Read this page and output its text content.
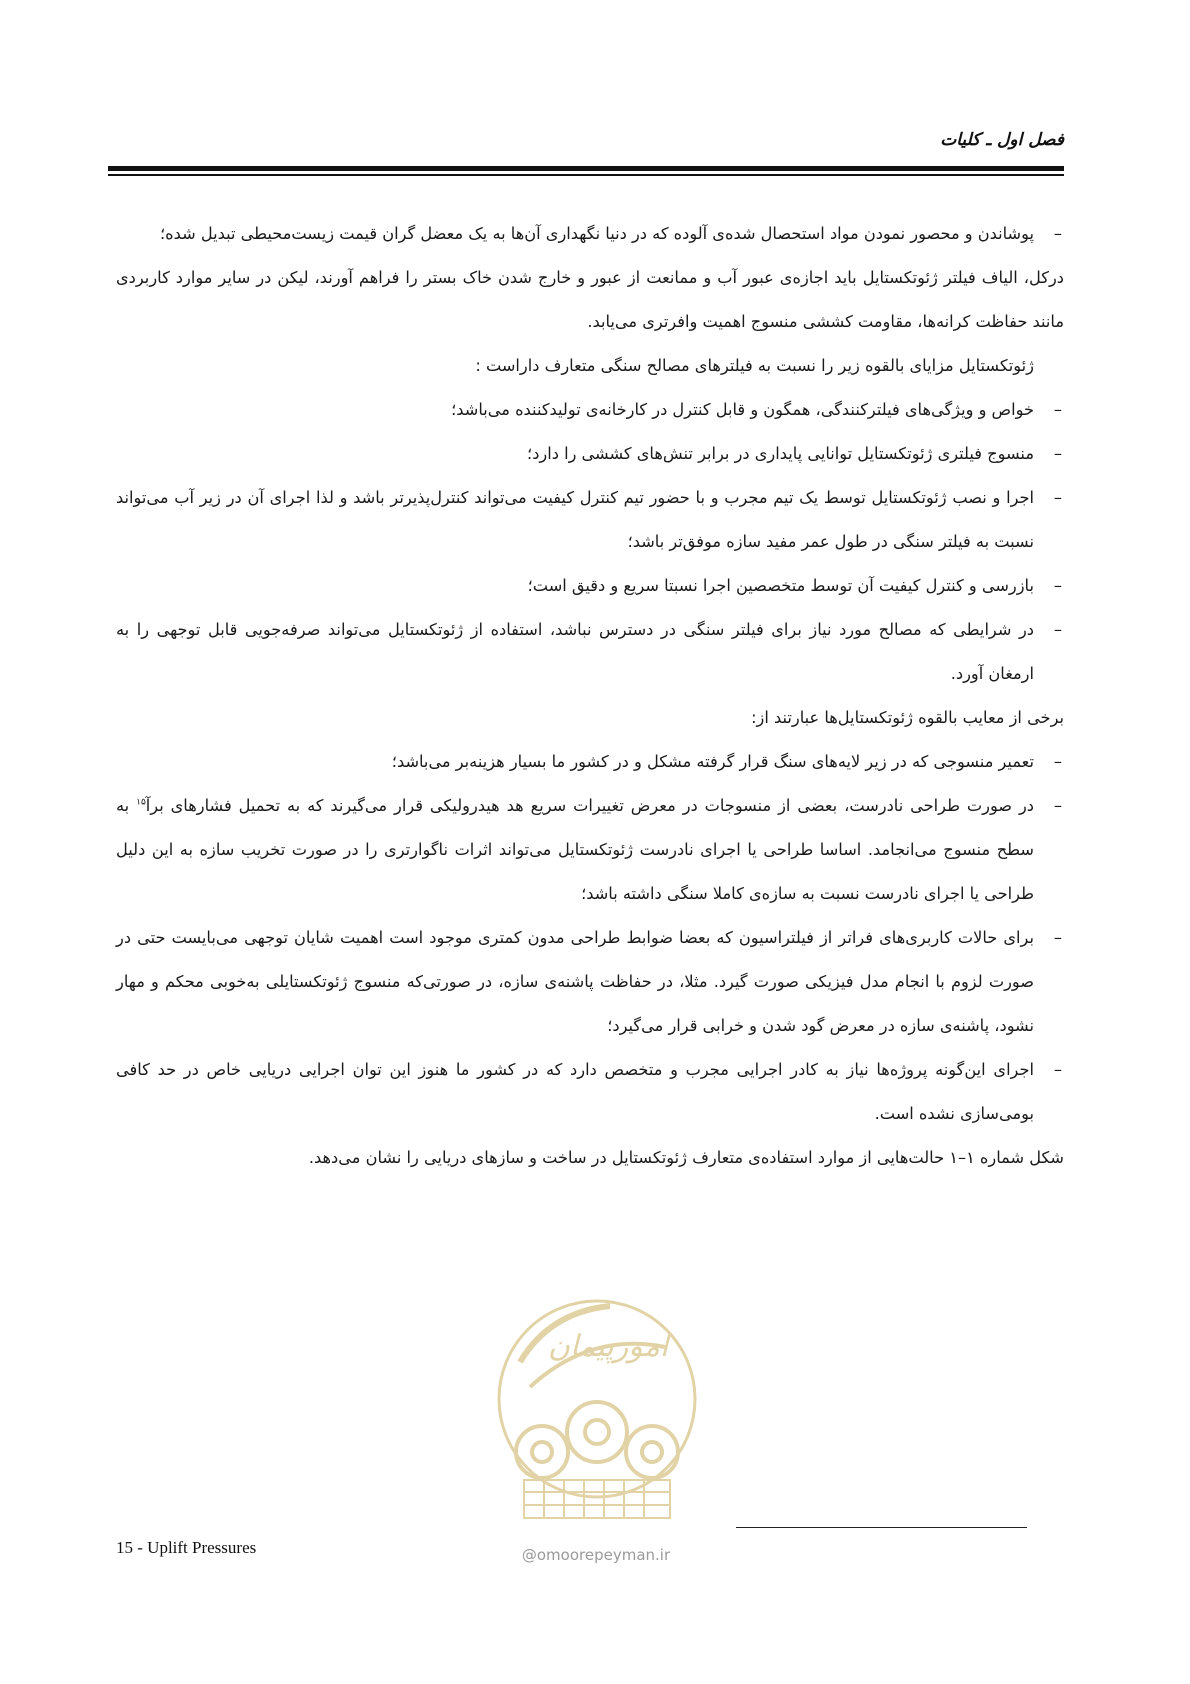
فصل اول ـ کلیات

–
پوشاندن و محصور نمودن مواد استحصال شده‌ی آلوده که در دنیا نگهداری آن‌ها به یک معضل گران قیمت زیست‌محیطی تبدیل شده؛

درکل، الیاف فیلتر ژئوتکستایل باید اجازه‌ی عبور آب و ممانعت از عبور و خارج شدن خاک بستر را فراهم آورند، لیکن در سایر موارد کاربردی مانند حفاظت کرانه‌ها، مقاومت کششی منسوج اهمیت وافرتری می‌یابد.

ژئوتکستایل مزایای بالقوه زیر را نسبت به فیلترهای مصالح سنگی متعارف داراست :

–
خواص و ویژگی‌های فیلترکنندگی، همگون و قابل کنترل در کارخانه‌ی تولیدکننده می‌باشد؛

–
منسوج فیلتری ژئوتکستایل توانایی پایداری در برابر تنش‌های کششی را دارد؛

–
اجرا و نصب ژئوتکستایل توسط یک تیم مجرب و با حضور تیم کنترل کیفیت می‌تواند کنترل‌پذیرتر باشد و لذا اجرای آن در زیر آب می‌تواند نسبت به فیلتر سنگی در طول عمر مفید سازه موفق‌تر باشد؛

–
بازرسی و کنترل کیفیت آن توسط متخصصین اجرا نسبتا سریع و دقیق است؛

–
در شرایطی که مصالح مورد نیاز برای فیلتر سنگی در دسترس نباشد، استفاده از ژئوتکستایل می‌تواند صرفه‌جویی قابل توجهی را به ارمغان آورد.

برخی از معایب بالقوه ژئوتکستایل‌ها عبارتند از:

–
تعمیر منسوجی که در زیر لایه‌های سنگ قرار گرفته مشکل و در کشور ما بسیار هزینه‌بر می‌باشد؛

–
در صورت طراحی نادرست، بعضی از منسوجات در معرض تغییرات سریع هد هیدرولیکی قرار می‌گیرند که به تحمیل فشارهای برآ$^{۱۵}$ به سطح منسوج می‌انجامد. اساسا طراحی یا اجرای نادرست ژئوتکستایل می‌تواند اثرات ناگوارتری را در صورت تخریب سازه به این دلیل طراحی یا اجرای نادرست نسبت به سازه‌ی کاملا سنگی داشته باشد؛

–
برای حالات کاربری‌های فراتر از فیلتراسیون که بعضا ضوابط طراحی مدون کمتری موجود است اهمیت شایان توجهی می‌بایست حتی در صورت لزوم با انجام مدل فیزیکی صورت گیرد. مثلا، در حفاظت پاشنه‌ی سازه، در صورتی‌که منسوج ژئوتکستایلی به‌خوبی محکم و مهار نشود، پاشنه‌ی سازه در معرض گود شدن و خرابی قرار می‌گیرد؛

–
اجرای این‌گونه پروژه‌ها نیاز به کادر اجرایی مجرب و متخصص دارد که در کشور ما هنوز این توان اجرایی دریایی خاص در حد کافی بومی‌سازی نشده است.

شکل شماره ۱–۱ حالت‌هایی از موارد استفاده‌ی متعارف ژئوتکستایل در ساخت و سازهای دریایی را نشان می‌دهد.

امورپیمان
@omoorepeyman.ir
15 - Uplift Pressures
